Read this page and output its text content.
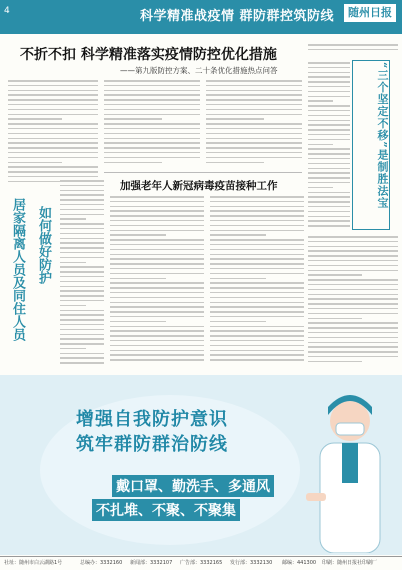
4	科学精准战疫情 群防群控筑防线	随州日报
不折不扣 科学精准落实疫情防控优化措施
——第九版防控方案、二十条优化措施热点问答
居家隔离人员及同住人员 如何做好防护
加强老年人新冠病毒疫苗接种工作	“三个坚定不移”是制胜法宝
增强自我防护意识
筑牢群防群治防线
戴口罩、勤洗手、多通风
不扎堆、不聚、不聚集
社址：随州市白云湖路1号	总编办：3332160 新闻部：3332107 广告部：3332165 发行部：3332130 邮编：441300 印刷：随州日报社印刷厂
